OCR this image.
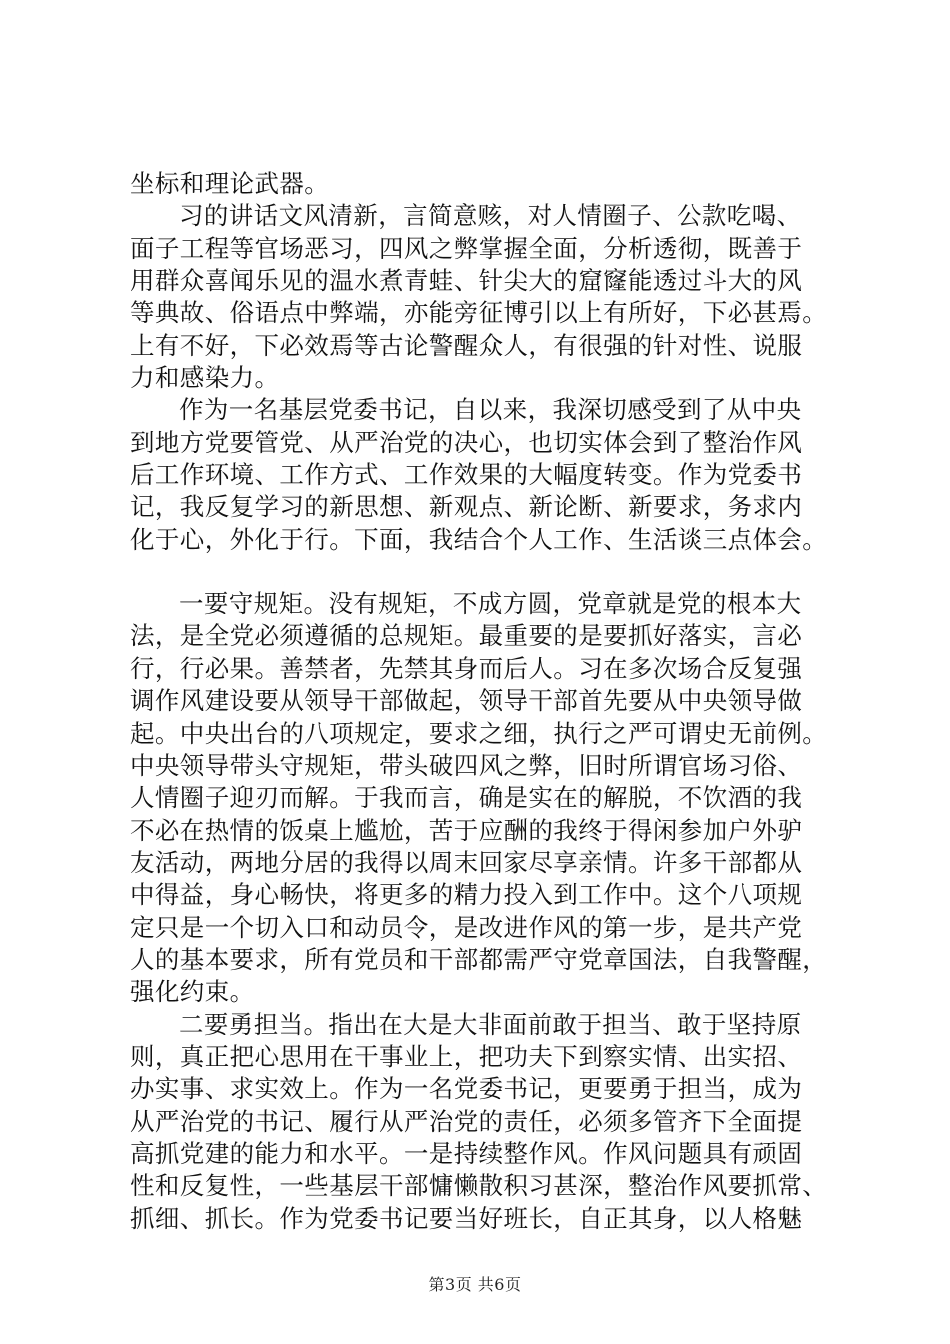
坐标和理论武器。
习的讲话文风清新，言简意赅，对人情圈子、公款吃喝、
面子工程等官场恶习，四风之弊掌握全面，分析透彻，既善于
用群众喜闻乐见的温水煮青蛙、针尖大的窟窿能透过斗大的风
等典故、俗语点中弊端，亦能旁征博引以上有所好，下必甚焉。
上有不好，下必效焉等古论警醒众人，有很强的针对性、说服
力和感染力。
作为一名基层党委书记，自以来，我深切感受到了从中央
到地方党要管党、从严治党的决心，也切实体会到了整治作风
后工作环境、工作方式、工作效果的大幅度转变。作为党委书
记，我反复学习的新思想、新观点、新论断、新要求，务求内
化于心，外化于行。下面，我结合个人工作、生活谈三点体会。
一要守规矩。没有规矩，不成方圆，党章就是党的根本大
法，是全党必须遵循的总规矩。最重要的是要抓好落实，言必
行，行必果。善禁者，先禁其身而后人。习在多次场合反复强
调作风建设要从领导干部做起，领导干部首先要从中央领导做
起。中央出台的八项规定，要求之细，执行之严可谓史无前例。
中央领导带头守规矩，带头破四风之弊，旧时所谓官场习俗、
人情圈子迎刃而解。于我而言，确是实在的解脱，不饮酒的我
不必在热情的饭桌上尴尬，苦于应酬的我终于得闲参加户外驴
友活动，两地分居的我得以周末回家尽享亲情。许多干部都从
中得益，身心畅快，将更多的精力投入到工作中。这个八项规
定只是一个切入口和动员令，是改进作风的第一步，是共产党
人的基本要求，所有党员和干部都需严守党章国法，自我警醒，
强化约束。
二要勇担当。指出在大是大非面前敢于担当、敢于坚持原
则，真正把心思用在干事业上，把功夫下到察实情、出实招、
办实事、求实效上。作为一名党委书记，更要勇于担当，成为
从严治党的书记、履行从严治党的责任，必须多管齐下全面提
高抓党建的能力和水平。一是持续整作风。作风问题具有顽固
性和反复性，一些基层干部慵懒散积习甚深，整治作风要抓常、
抓细、抓长。作为党委书记要当好班长，自正其身，以人格魅
第3页 共6页
